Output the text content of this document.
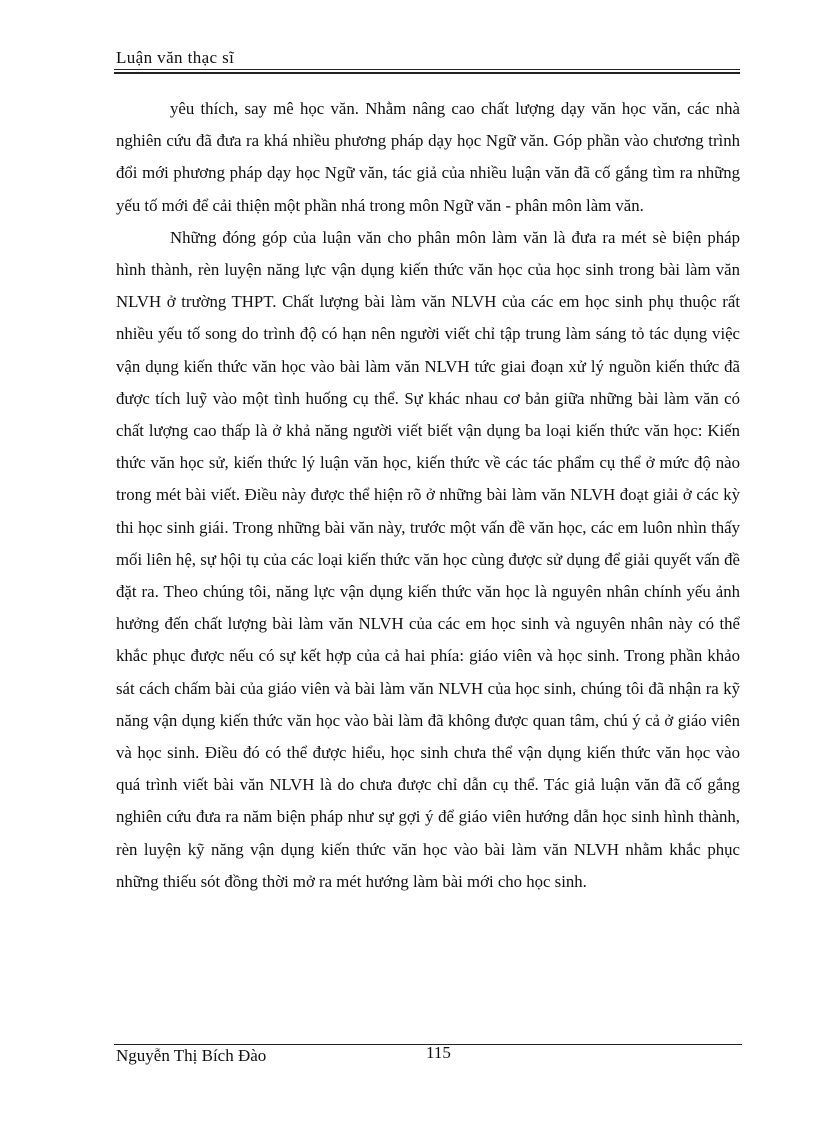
Luận văn thạc sĩ

yêu thích, say mê học văn. Nhằm nâng cao chất lượng dạy văn học văn, các nhà nghiên cứu đã đưa ra khá nhiều phương pháp dạy học Ngữ văn. Góp phần vào chương trình đổi mới phương pháp dạy học Ngữ văn, tác giả của nhiều luận văn đã cố gắng tìm ra những yếu tố mới để cải thiện một phần nhá trong môn Ngữ văn - phân môn làm văn.

Những đóng góp của luận văn cho phân môn làm văn là đưa ra mét sè biện pháp hình thành, rèn luyện năng lực vận dụng kiến thức văn học của học sinh trong bài làm văn NLVH ở trường THPT. Chất lượng bài làm văn NLVH của các em học sinh phụ thuộc rất nhiều yếu tố song do trình độ có hạn nên người viết chỉ tập trung làm sáng tỏ tác dụng việc vận dụng kiến thức văn học vào bài làm văn NLVH tức giai đoạn xử lý nguồn kiến thức đã được tích luỹ vào một tình huống cụ thể. Sự khác nhau cơ bản giữa những bài làm văn có chất lượng cao thấp là ở khả năng người viết biết vận dụng ba loại kiến thức văn học: Kiến thức văn học sử, kiến thức lý luận văn học, kiến thức về các tác phẩm cụ thể ở mức độ nào trong mét bài viết. Điều này được thể hiện rõ ở những bài làm văn NLVH đoạt giải ở các kỳ thi học sinh giái. Trong những bài văn này, trước một vấn đề văn học, các em luôn nhìn thấy mối liên hệ, sự hội tụ của các loại kiến thức văn học cùng được sử dụng để giải quyết vấn đề đặt ra. Theo chúng tôi, năng lực vận dụng kiến thức văn học là nguyên nhân chính yếu ảnh hưởng đến chất lượng bài làm văn NLVH của các em học sinh và nguyên nhân này có thể khắc phục được nếu có sự kết hợp của cả hai phía: giáo viên và học sinh. Trong phần khảo sát cách chấm bài của giáo viên và bài làm văn NLVH của học sinh, chúng tôi đã nhận ra kỹ năng vận dụng kiến thức văn học vào bài làm đã không được quan tâm, chú ý cả ở giáo viên và học sinh. Điều đó có thể được hiểu, học sinh chưa thể vận dụng kiến thức văn học vào quá trình viết bài văn NLVH là do chưa được chỉ dẫn cụ thể. Tác giả luận văn đã cố gắng nghiên cứu đưa ra năm biện pháp như sự gợi ý để giáo viên hướng dẫn học sinh hình thành, rèn luyện kỹ năng vận dụng kiến thức văn học vào bài làm văn NLVH nhằm khắc phục những thiếu sót đồng thời mở ra mét hướng làm bài mới cho học sinh.

Nguyễn Thị Bích Đào	115
